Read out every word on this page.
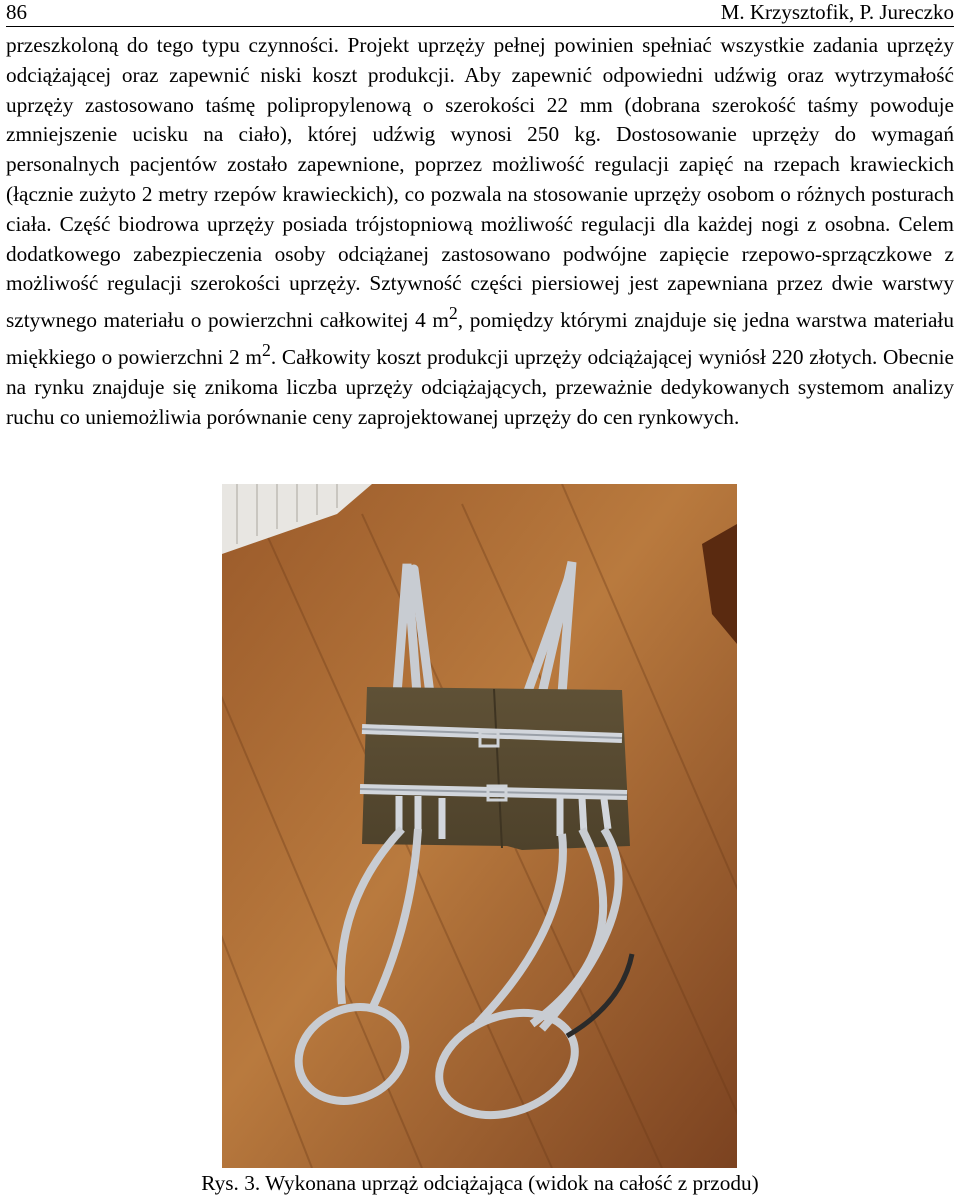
86	M. Krzysztofik, P. Jureczko
przeszkoloną do tego typu czynności. Projekt uprzęży pełnej powinien spełniać wszystkie zadania uprzęży odciążającej oraz zapewnić niski koszt produkcji. Aby zapewnić odpowiedni udźwig oraz wytrzymałość uprzęży zastosowano taśmę polipropylenową o szerokości 22 mm (dobrana szerokość taśmy powoduje zmniejszenie ucisku na ciało), której udźwig wynosi 250 kg. Dostosowanie uprzęży do wymagań personalnych pacjentów zostało zapewnione, poprzez możliwość regulacji zapięć na rzepach krawieckich (łącznie zużyto 2 metry rzepów krawieckich), co pozwala na stosowanie uprzęży osobom o różnych posturach ciała. Część biodrowa uprzęży posiada trójstopniową możliwość regulacji dla każdej nogi z osobna. Celem dodatkowego zabezpieczenia osoby odciążanej zastosowano podwójne zapięcie rzepowo-sprzączkowe z możliwość regulacji szerokości uprzęży. Sztywność części piersiowej jest zapewniana przez dwie warstwy sztywnego materiału o powierzchni całkowitej 4 $m^2$, pomiędzy którymi znajduje się jedna warstwa materiału miękkiego o powierzchni 2 $m^2$. Całkowity koszt produkcji uprzęży odciążającej wyniósł 220 złotych. Obecnie na rynku znajduje się znikoma liczba uprzęży odciążających, przeważnie dedykowanych systemom analizy ruchu co uniemożliwia porównanie ceny zaprojektowanej uprzęży do cen rynkowych.
Rys. 3. Wykonana uprząż odciążająca (widok na całość z przodu)
